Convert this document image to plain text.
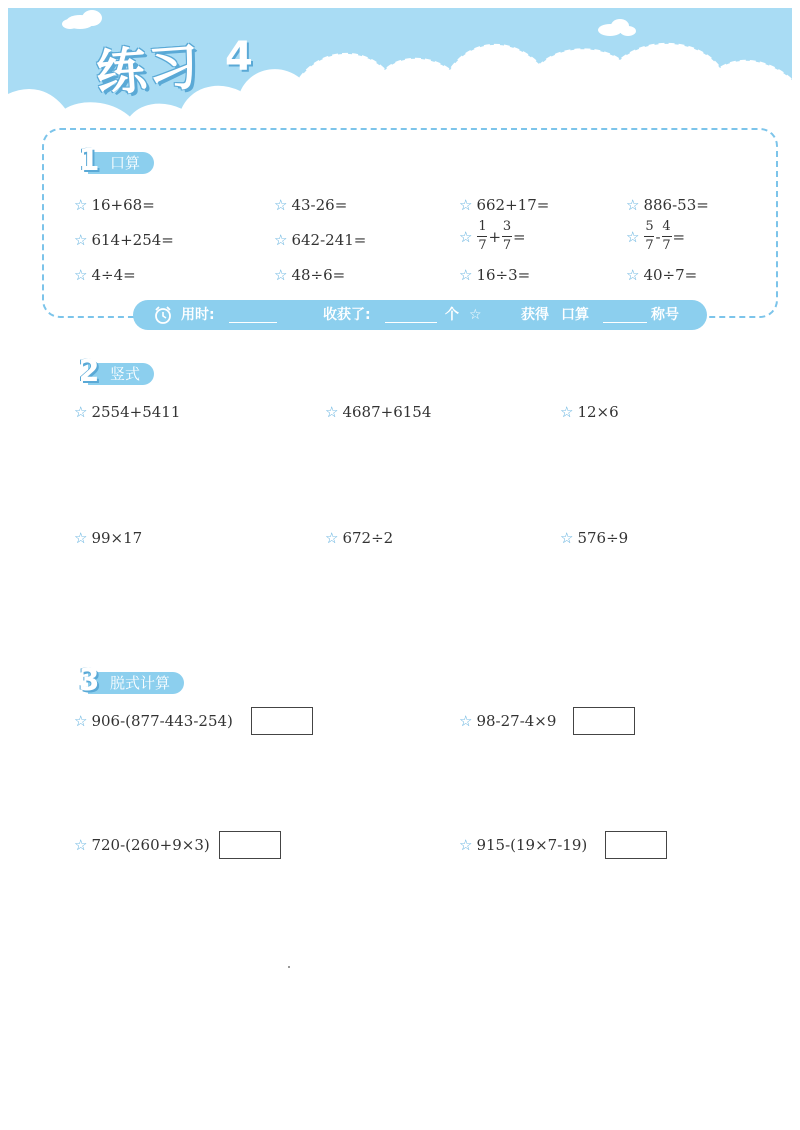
练习 4
1 口算
☆ 16+68=	☆ 43-26=	☆ 662+17=	☆ 886-53=
☆ 614+254=	☆ 642-241=	☆ $\frac{1}{7} + \frac{3}{7}$ =	☆ $\frac{5}{7} - \frac{4}{7}$ =
☆ 4÷4=	☆ 48÷6=	☆ 16÷3=	☆ 40÷7=
用时:	收获了:	个 ☆	获得 口算	称号
2 竖式
☆ 2554+5411	☆ 4687+6154	☆ 12×6
☆ 99×17	☆ 672÷2	☆ 576÷9
3 脱式计算
☆ 906-(877-443-254)	☆ 98-27-4×9
☆ 720-(260+9×3)	☆ 915-(19×7-19)
